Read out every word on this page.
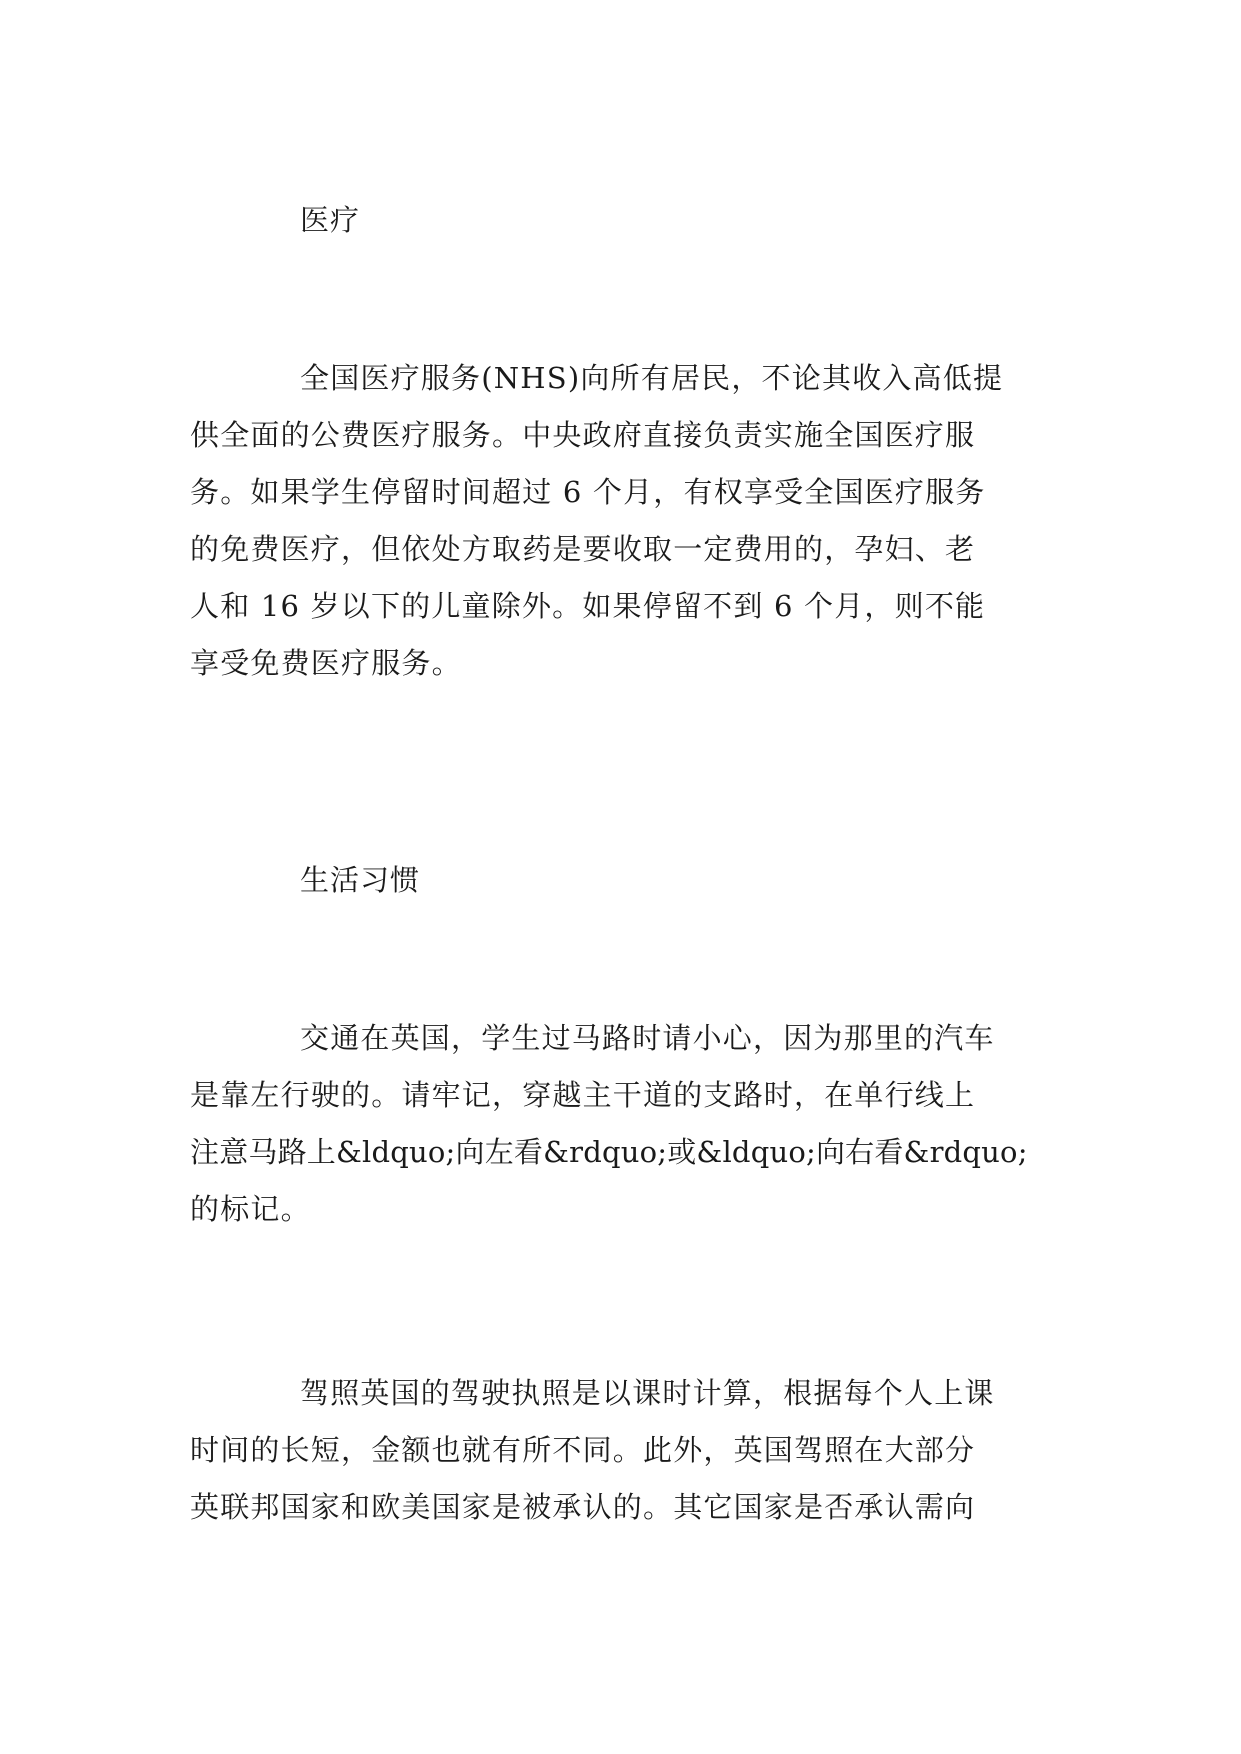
医疗
全国医疗服务(NHS)向所有居民，不论其收入高低提
供全面的公费医疗服务。中央政府直接负责实施全国医疗服
务。如果学生停留时间超过 6 个月，有权享受全国医疗服务
的免费医疗，但依处方取药是要收取一定费用的，孕妇、老
人和 16 岁以下的儿童除外。如果停留不到 6 个月，则不能
享受免费医疗服务。
生活习惯
交通在英国，学生过马路时请小心，因为那里的汽车
是靠左行驶的。请牢记，穿越主干道的支路时，在单行线上
注意马路上&ldquo;向左看&rdquo;或&ldquo;向右看&rdquo;
的标记。
驾照英国的驾驶执照是以课时计算，根据每个人上课
时间的长短，金额也就有所不同。此外，英国驾照在大部分
英联邦国家和欧美国家是被承认的。其它国家是否承认需向
